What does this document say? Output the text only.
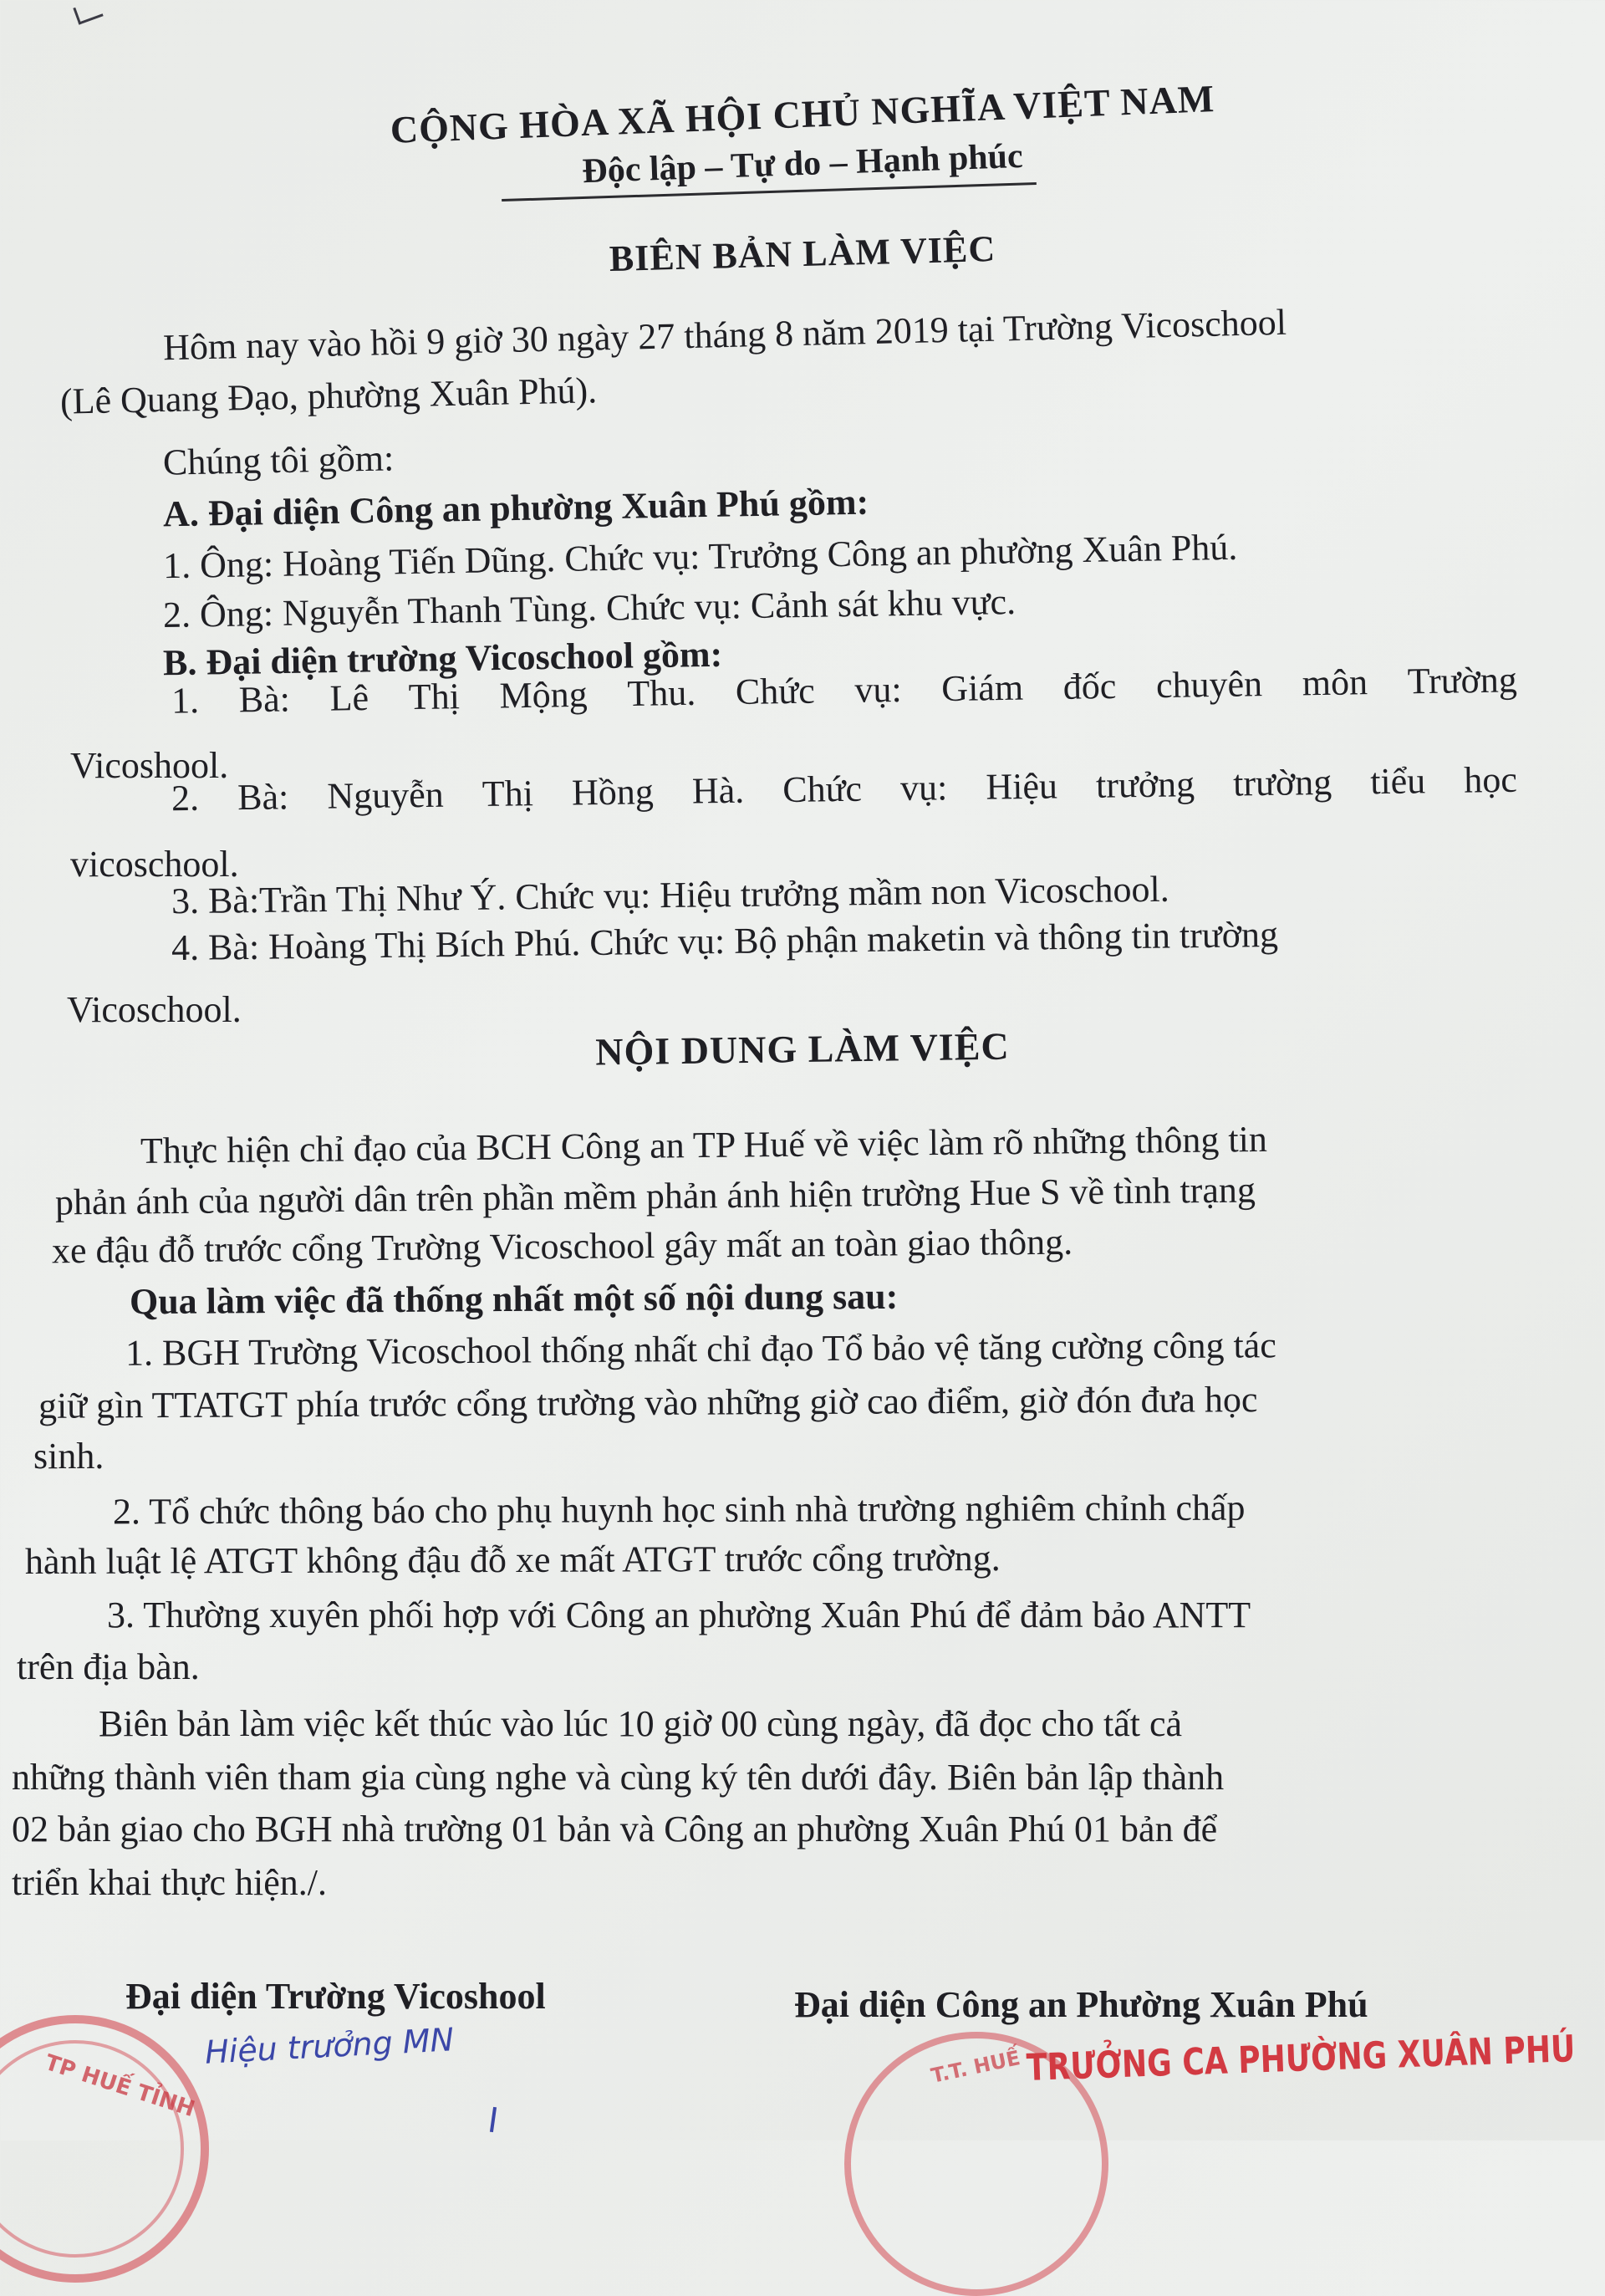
CỘNG HÒA XÃ HỘI CHỦ NGHĨA VIỆT NAM
Độc lập – Tự do – Hạnh phúc
BIÊN BẢN LÀM VIỆC
Hôm nay vào hồi 9 giờ 30 ngày 27 tháng 8 năm 2019 tại Trường Vicoschool
(Lê Quang Đạo, phường Xuân Phú).
Chúng tôi gồm:
A. Đại diện Công an phường Xuân Phú gồm:
1. Ông: Hoàng Tiến Dũng. Chức vụ: Trưởng Công an phường Xuân Phú.
2. Ông: Nguyễn Thanh Tùng. Chức vụ: Cảnh sát khu vực.
B. Đại diện trường Vicoschool gồm:
1. Bà: Lê Thị Mộng Thu. Chức vụ: Giám đốc chuyên môn Trường
Vicoshool.
2. Bà: Nguyễn Thị Hồng Hà. Chức vụ: Hiệu trưởng trường tiểu học
vicoschool.
3. Bà:Trần Thị Như Ý. Chức vụ: Hiệu trưởng mầm non Vicoschool.
4. Bà: Hoàng Thị Bích Phú. Chức vụ: Bộ phận maketin và thông tin trường
Vicoschool.
NỘI DUNG LÀM VIỆC
Thực hiện chỉ đạo của BCH Công an TP Huế về việc làm rõ những thông tin
phản ánh của người dân trên phần mềm phản ánh hiện trường Hue S về tình trạng
xe đậu đỗ trước cổng Trường Vicoschool gây mất an toàn giao thông.
Qua làm việc đã thống nhất một số nội dung sau:
1. BGH Trường Vicoschool thống nhất chỉ đạo Tổ bảo vệ tăng cường công tác
giữ gìn TTATGT phía trước cổng trường vào những giờ cao điểm, giờ đón đưa học
sinh.
2. Tổ chức thông báo cho phụ huynh học sinh nhà trường nghiêm chỉnh chấp
hành luật lệ ATGT không đậu đỗ xe mất ATGT trước cổng trường.
3. Thường xuyên phối hợp với Công an phường Xuân Phú để đảm bảo ANTT
trên địa bàn.
Biên bản làm việc kết thúc vào lúc 10 giờ 00 cùng ngày, đã đọc cho tất cả
những thành viên tham gia cùng nghe và cùng ký tên dưới đây. Biên bản lập thành
02 bản giao cho BGH nhà trường 01 bản và Công an phường Xuân Phú 01 bản để
triển khai thực hiện./.
Đại diện Trường Vicoshool	Đại diện Công an Phường Xuân Phú
Hiệu trưởng MN
TP HUẾ TỈNH	T.T. HUẾ TRƯỞNG CA PHƯỜNG XUÂN PHÚ
